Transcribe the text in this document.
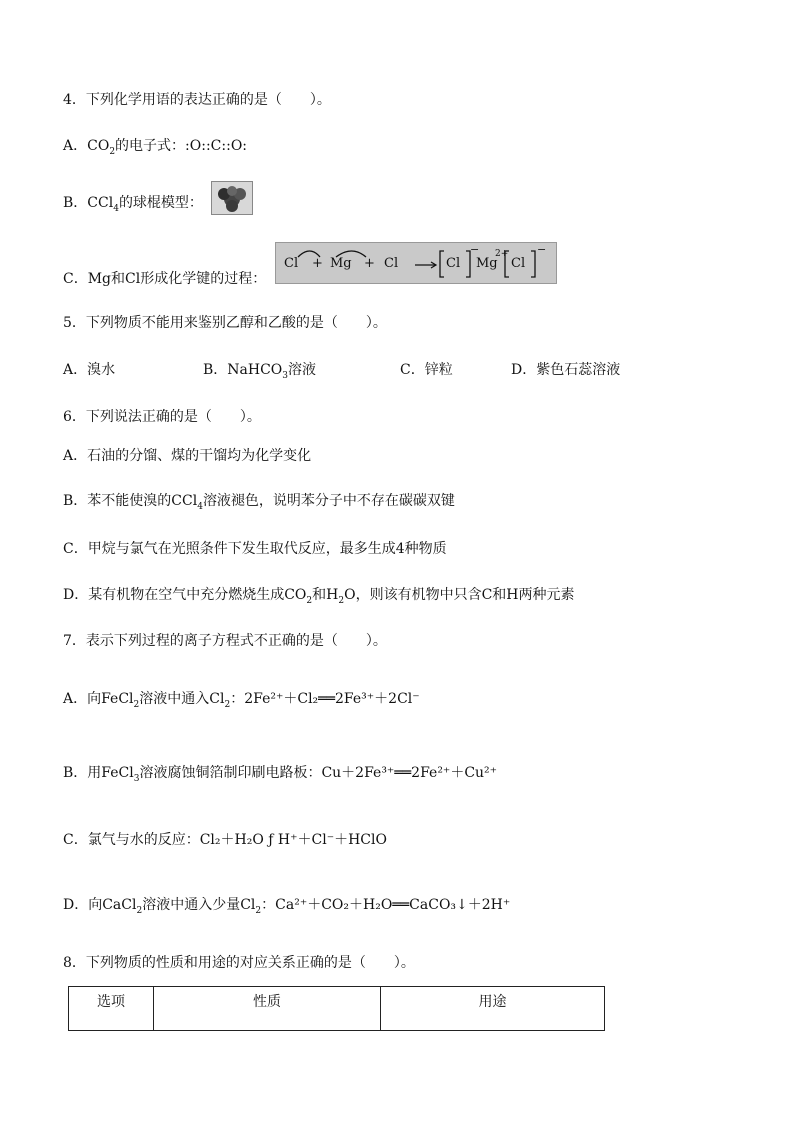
4．下列化学用语的表达正确的是（　　）。
A．$CO_2$的电子式：:O::C::O:
B．CCl$_4$的球棍模型：
C．Mg和Cl形成化学键的过程：
Cl + Mg + Cl	Cl
−
Mg
2+
Cl
−
5．下列物质不能用来鉴别乙醇和乙酸的是（　　）。
A．溴水	B．NaHCO$_3$溶液	C．锌粒	D．紫色石蕊溶液
6．下列说法正确的是（　　）。
A．石油的分馏、煤的干馏均为化学变化
B．苯不能使溴的CCl$_4$溶液褪色，说明苯分子中不存在碳碳双键
C．甲烷与氯气在光照条件下发生取代反应，最多生成4种物质
D．某有机物在空气中充分燃烧生成$CO_2$和$H_2O$，则该有机物中只含C和H两种元素
7．表示下列过程的离子方程式不正确的是（　　）。
A．向FeCl$_2$溶液中通入$Cl_2$：2Fe²⁺＋Cl₂══2Fe³⁺＋2Cl⁻
B．用FeCl$_3$溶液腐蚀铜箔制印刷电路板：Cu＋2Fe³⁺══2Fe²⁺＋Cu²⁺
C．氯气与水的反应：Cl₂＋H₂O ƒ H⁺＋Cl⁻＋HClO
D．向CaCl$_2$溶液中通入少量$Cl_2$：Ca²⁺＋CO₂＋H₂O══CaCO₃↓＋2H⁺
8．下列物质的性质和用途的对应关系正确的是（　　）。
选项	性质	用途
